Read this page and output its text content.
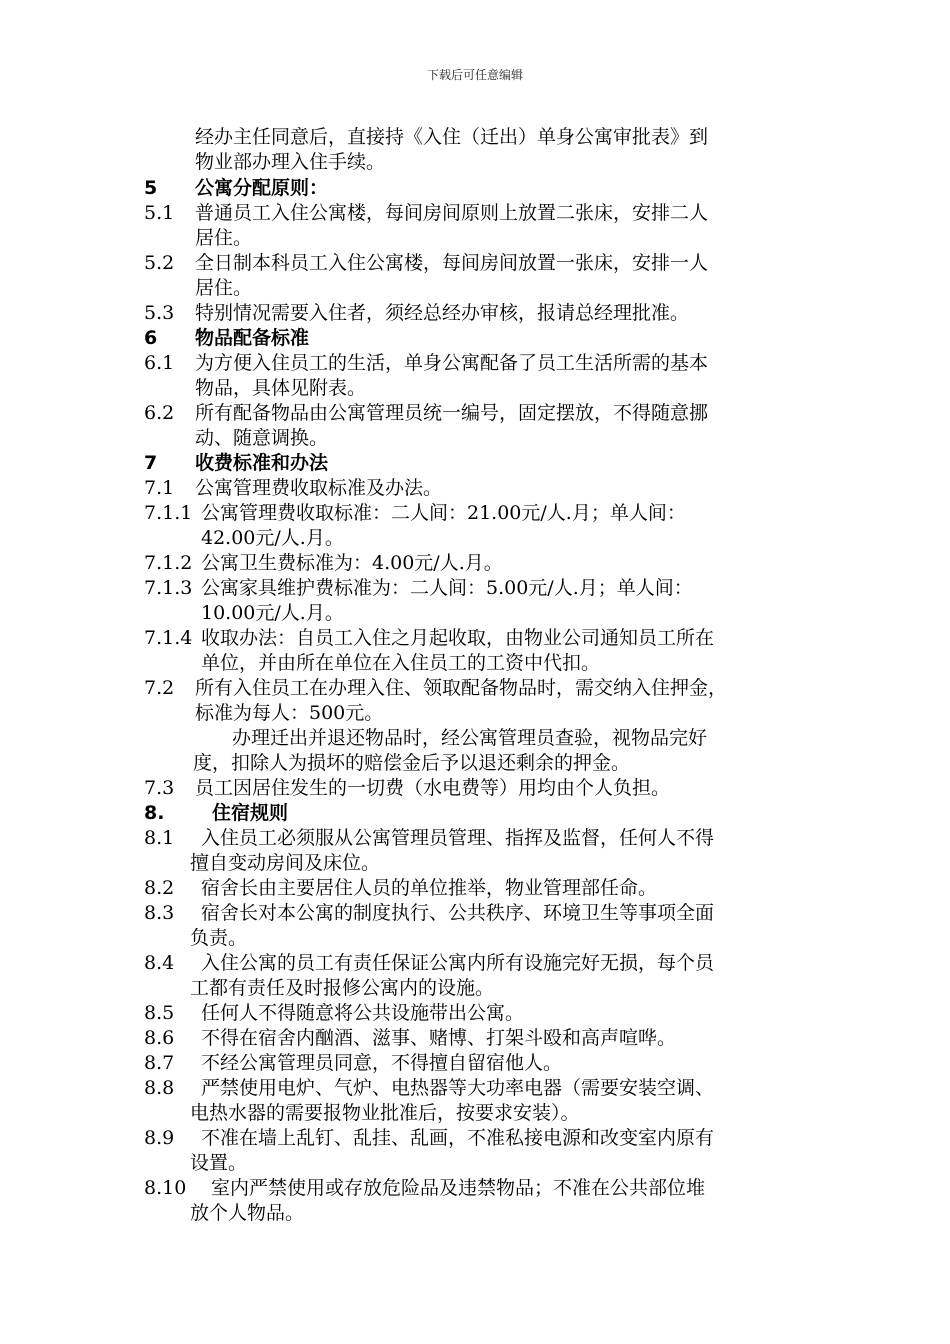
下载后可任意编辑
经办主任同意后，直接持《入住（迁出）单身公寓审批表》到
物业部办理入住手续。
5 公寓分配原则：
5.1 普通员工入住公寓楼，每间房间原则上放置二张床，安排二人
居住。
5.2 全日制本科员工入住公寓楼，每间房间放置一张床，安排一人
居住。
5.3 特别情况需要入住者，须经总经办审核，报请总经理批准。
6 物品配备标准
6.1 为方便入住员工的生活，单身公寓配备了员工生活所需的基本
物品，具体见附表。
6.2 所有配备物品由公寓管理员统一编号，固定摆放，不得随意挪
动、随意调换。
7 收费标准和办法
7.1 公寓管理费收取标准及办法。
7.1.1 公寓管理费收取标准：二人间：21.00元/人.月；单人间：
42.00元/人.月。
7.1.2 公寓卫生费标准为：4.00元/人.月。
7.1.3 公寓家具维护费标准为：二人间：5.00元/人.月；单人间：
10.00元/人.月。
7.1.4 收取办法：自员工入住之月起收取，由物业公司通知员工所在
单位，并由所在单位在入住员工的工资中代扣。
7.2 所有入住员工在办理入住、领取配备物品时，需交纳入住押金，
标准为每人：500元。
办理迁出并退还物品时，经公寓管理员查验，视物品完好
度，扣除人为损坏的赔偿金后予以退还剩余的押金。
7.3 员工因居住发生的一切费（水电费等）用均由个人负担。
8.	住宿规则
8.1 入住员工必须服从公寓管理员管理、指挥及监督，任何人不得
擅自变动房间及床位。
8.2 宿舍长由主要居住人员的单位推举，物业管理部任命。
8.3 宿舍长对本公寓的制度执行、公共秩序、环境卫生等事项全面
负责。
8.4 入住公寓的员工有责任保证公寓内所有设施完好无损，每个员
工都有责任及时报修公寓内的设施。
8.5 任何人不得随意将公共设施带出公寓。
8.6 不得在宿舍内酗酒、滋事、赌博、打架斗殴和高声喧哗。
8.7 不经公寓管理员同意，不得擅自留宿他人。
8.8 严禁使用电炉、气炉、电热器等大功率电器（需要安装空调、
电热水器的需要报物业批准后，按要求安装）。
8.9 不准在墙上乱钉、乱挂、乱画，不准私接电源和改变室内原有
设置。
8.10 室内严禁使用或存放危险品及违禁物品；不准在公共部位堆
放个人物品。
